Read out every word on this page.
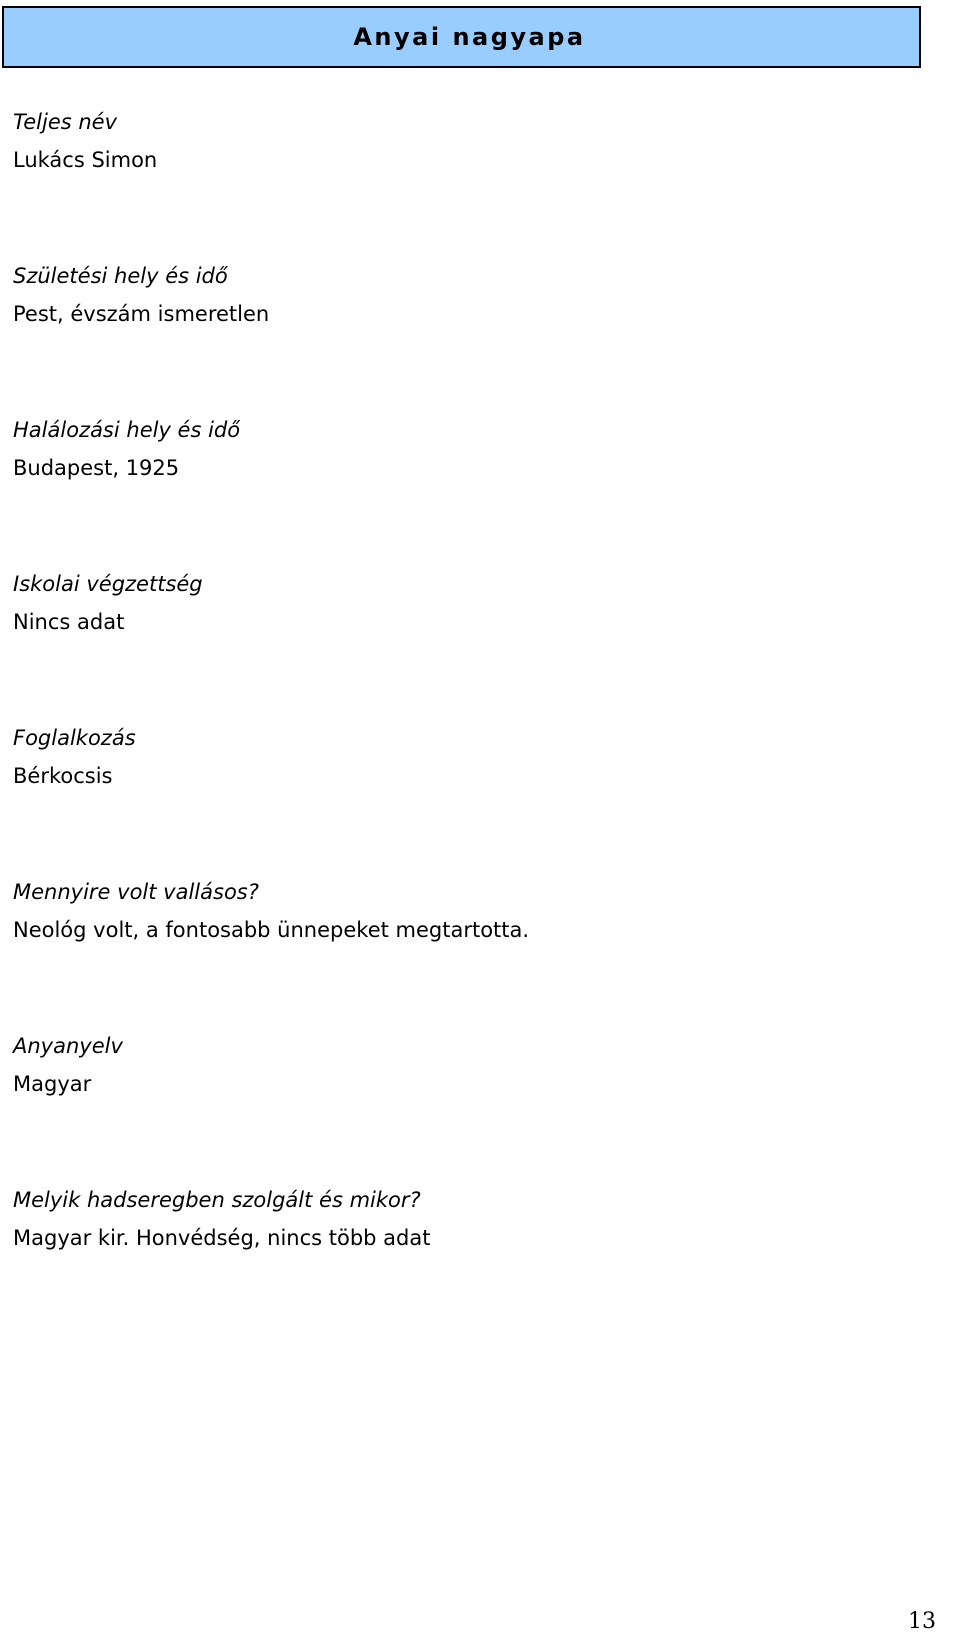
Anyai nagyapa
Teljes név
Lukács Simon
Születési hely és idő
Pest, évszám ismeretlen
Halálozási hely és idő
Budapest, 1925
Iskolai végzettség
Nincs adat
Foglalkozás
Bérkocsis
Mennyire volt vallásos?
Neológ volt, a fontosabb ünnepeket megtartotta.
Anyanyelv
Magyar
Melyik hadseregben szolgált és mikor?
Magyar kir. Honvédség, nincs több adat
13
